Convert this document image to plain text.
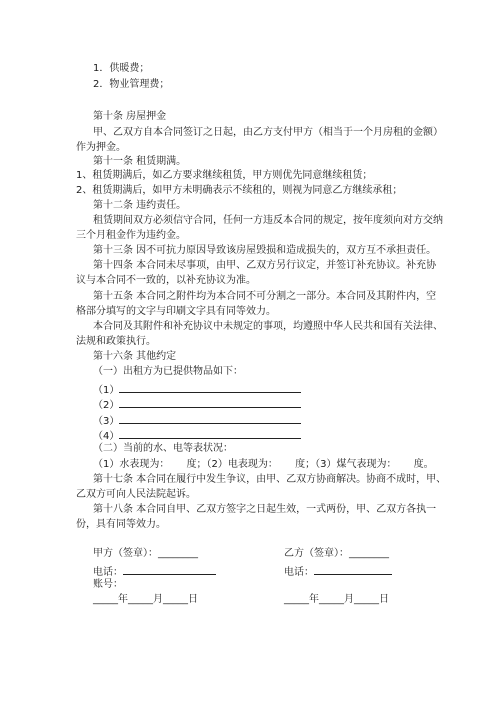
1．供暖费；
2．物业管理费；
第十条 房屋押金
甲、乙双方自本合同签订之日起，由乙方支付甲方（相当于一个月房租的金额）
作为押金。
第十一条 租赁期满。
1、租赁期满后，如乙方要求继续租赁，甲方则优先同意继续租赁；
2、租赁期满后，如甲方未明确表示不续租的，则视为同意乙方继续承租；
第十二条 违约责任。
租赁期间双方必须信守合同，任何一方违反本合同的规定，按年度须向对方交纳
三个月租金作为违约金。
第十三条 因不可抗力原因导致该房屋毁损和造成损失的，双方互不承担责任。
第十四条 本合同未尽事项，由甲、乙双方另行议定，并签订补充协议。补充协
议与本合同不一致的，以补充协议为准。
第十五条 本合同之附件均为本合同不可分割之一部分。本合同及其附件内，空
格部分填写的文字与印刷文字具有同等效力。
本合同及其附件和补充协议中未规定的事项，均遵照中华人民共和国有关法律、
法规和政策执行。
第十六条 其他约定
（一）出租方为已提供物品如下：
（1）
（2）
（3）
（4）
（二）当前的水、电等表状况：
（1）水表现为： 度；（2）电表现为： 度；（3）煤气表现为： 度。
第十七条 本合同在履行中发生争议，由甲、乙双方协商解决。协商不成时，甲、
乙双方可向人民法院起诉。
第十八条 本合同自甲、乙双方签字之日起生效，一式两份，甲、乙双方各执一
份，具有同等效力。
甲方（签章）：________	乙方（签章）：________
电话：	电话：
账号：
_____年_____月_____日	_____年_____月_____日
